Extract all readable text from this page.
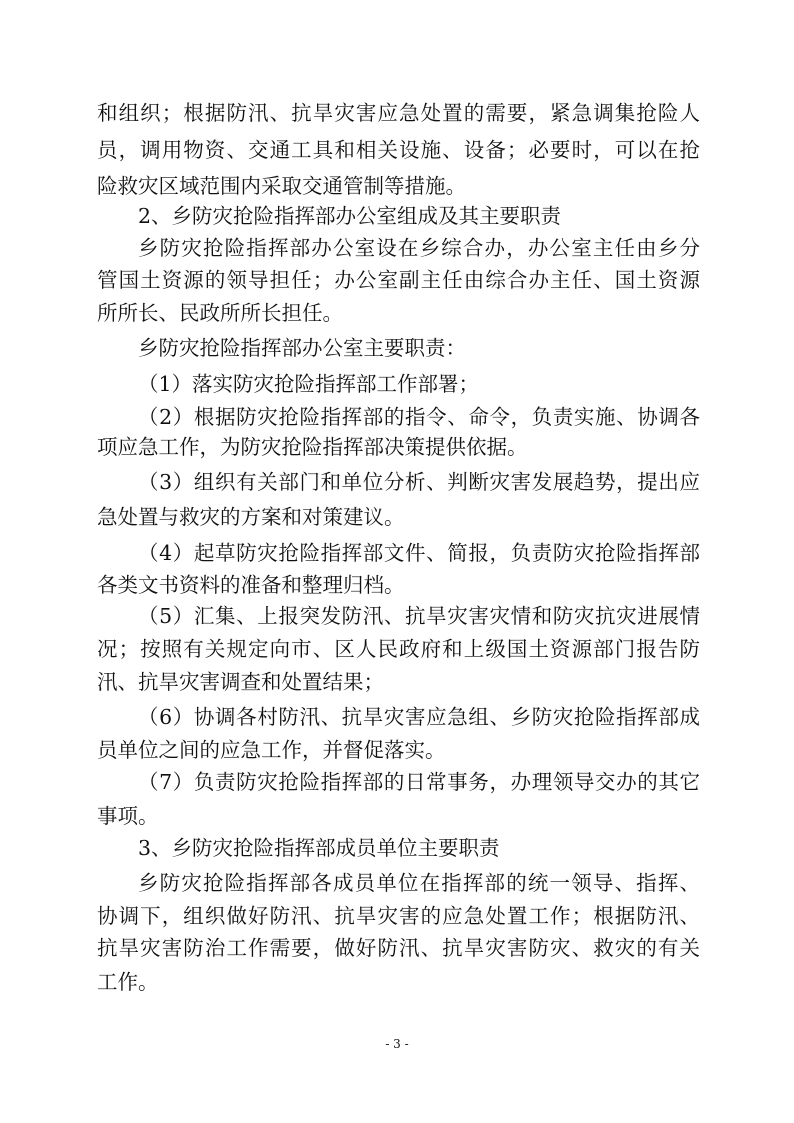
和组织；根据防汛、抗旱灾害应急处置的需要，紧急调集抢险人
员，调用物资、交通工具和相关设施、设备；必要时，可以在抢
险救灾区域范围内采取交通管制等措施。
2、乡防灾抢险指挥部办公室组成及其主要职责
乡防灾抢险指挥部办公室设在乡综合办，办公室主任由乡分
管国土资源的领导担任；办公室副主任由综合办主任、国土资源
所所长、民政所所长担任。
乡防灾抢险指挥部办公室主要职责：
（1）落实防灾抢险指挥部工作部署；
（2）根据防灾抢险指挥部的指令、命令，负责实施、协调各
项应急工作，为防灾抢险指挥部决策提供依据。
（3）组织有关部门和单位分析、判断灾害发展趋势，提出应
急处置与救灾的方案和对策建议。
（4）起草防灾抢险指挥部文件、简报，负责防灾抢险指挥部
各类文书资料的准备和整理归档。
（5）汇集、上报突发防汛、抗旱灾害灾情和防灾抗灾进展情
况；按照有关规定向市、区人民政府和上级国土资源部门报告防
汛、抗旱灾害调查和处置结果；
（6）协调各村防汛、抗旱灾害应急组、乡防灾抢险指挥部成
员单位之间的应急工作，并督促落实。
（7）负责防灾抢险指挥部的日常事务，办理领导交办的其它
事项。
3、乡防灾抢险指挥部成员单位主要职责
乡防灾抢险指挥部各成员单位在指挥部的统一领导、指挥、
协调下，组织做好防汛、抗旱灾害的应急处置工作；根据防汛、
抗旱灾害防治工作需要，做好防汛、抗旱灾害防灾、救灾的有关
工作。
- 3 -
